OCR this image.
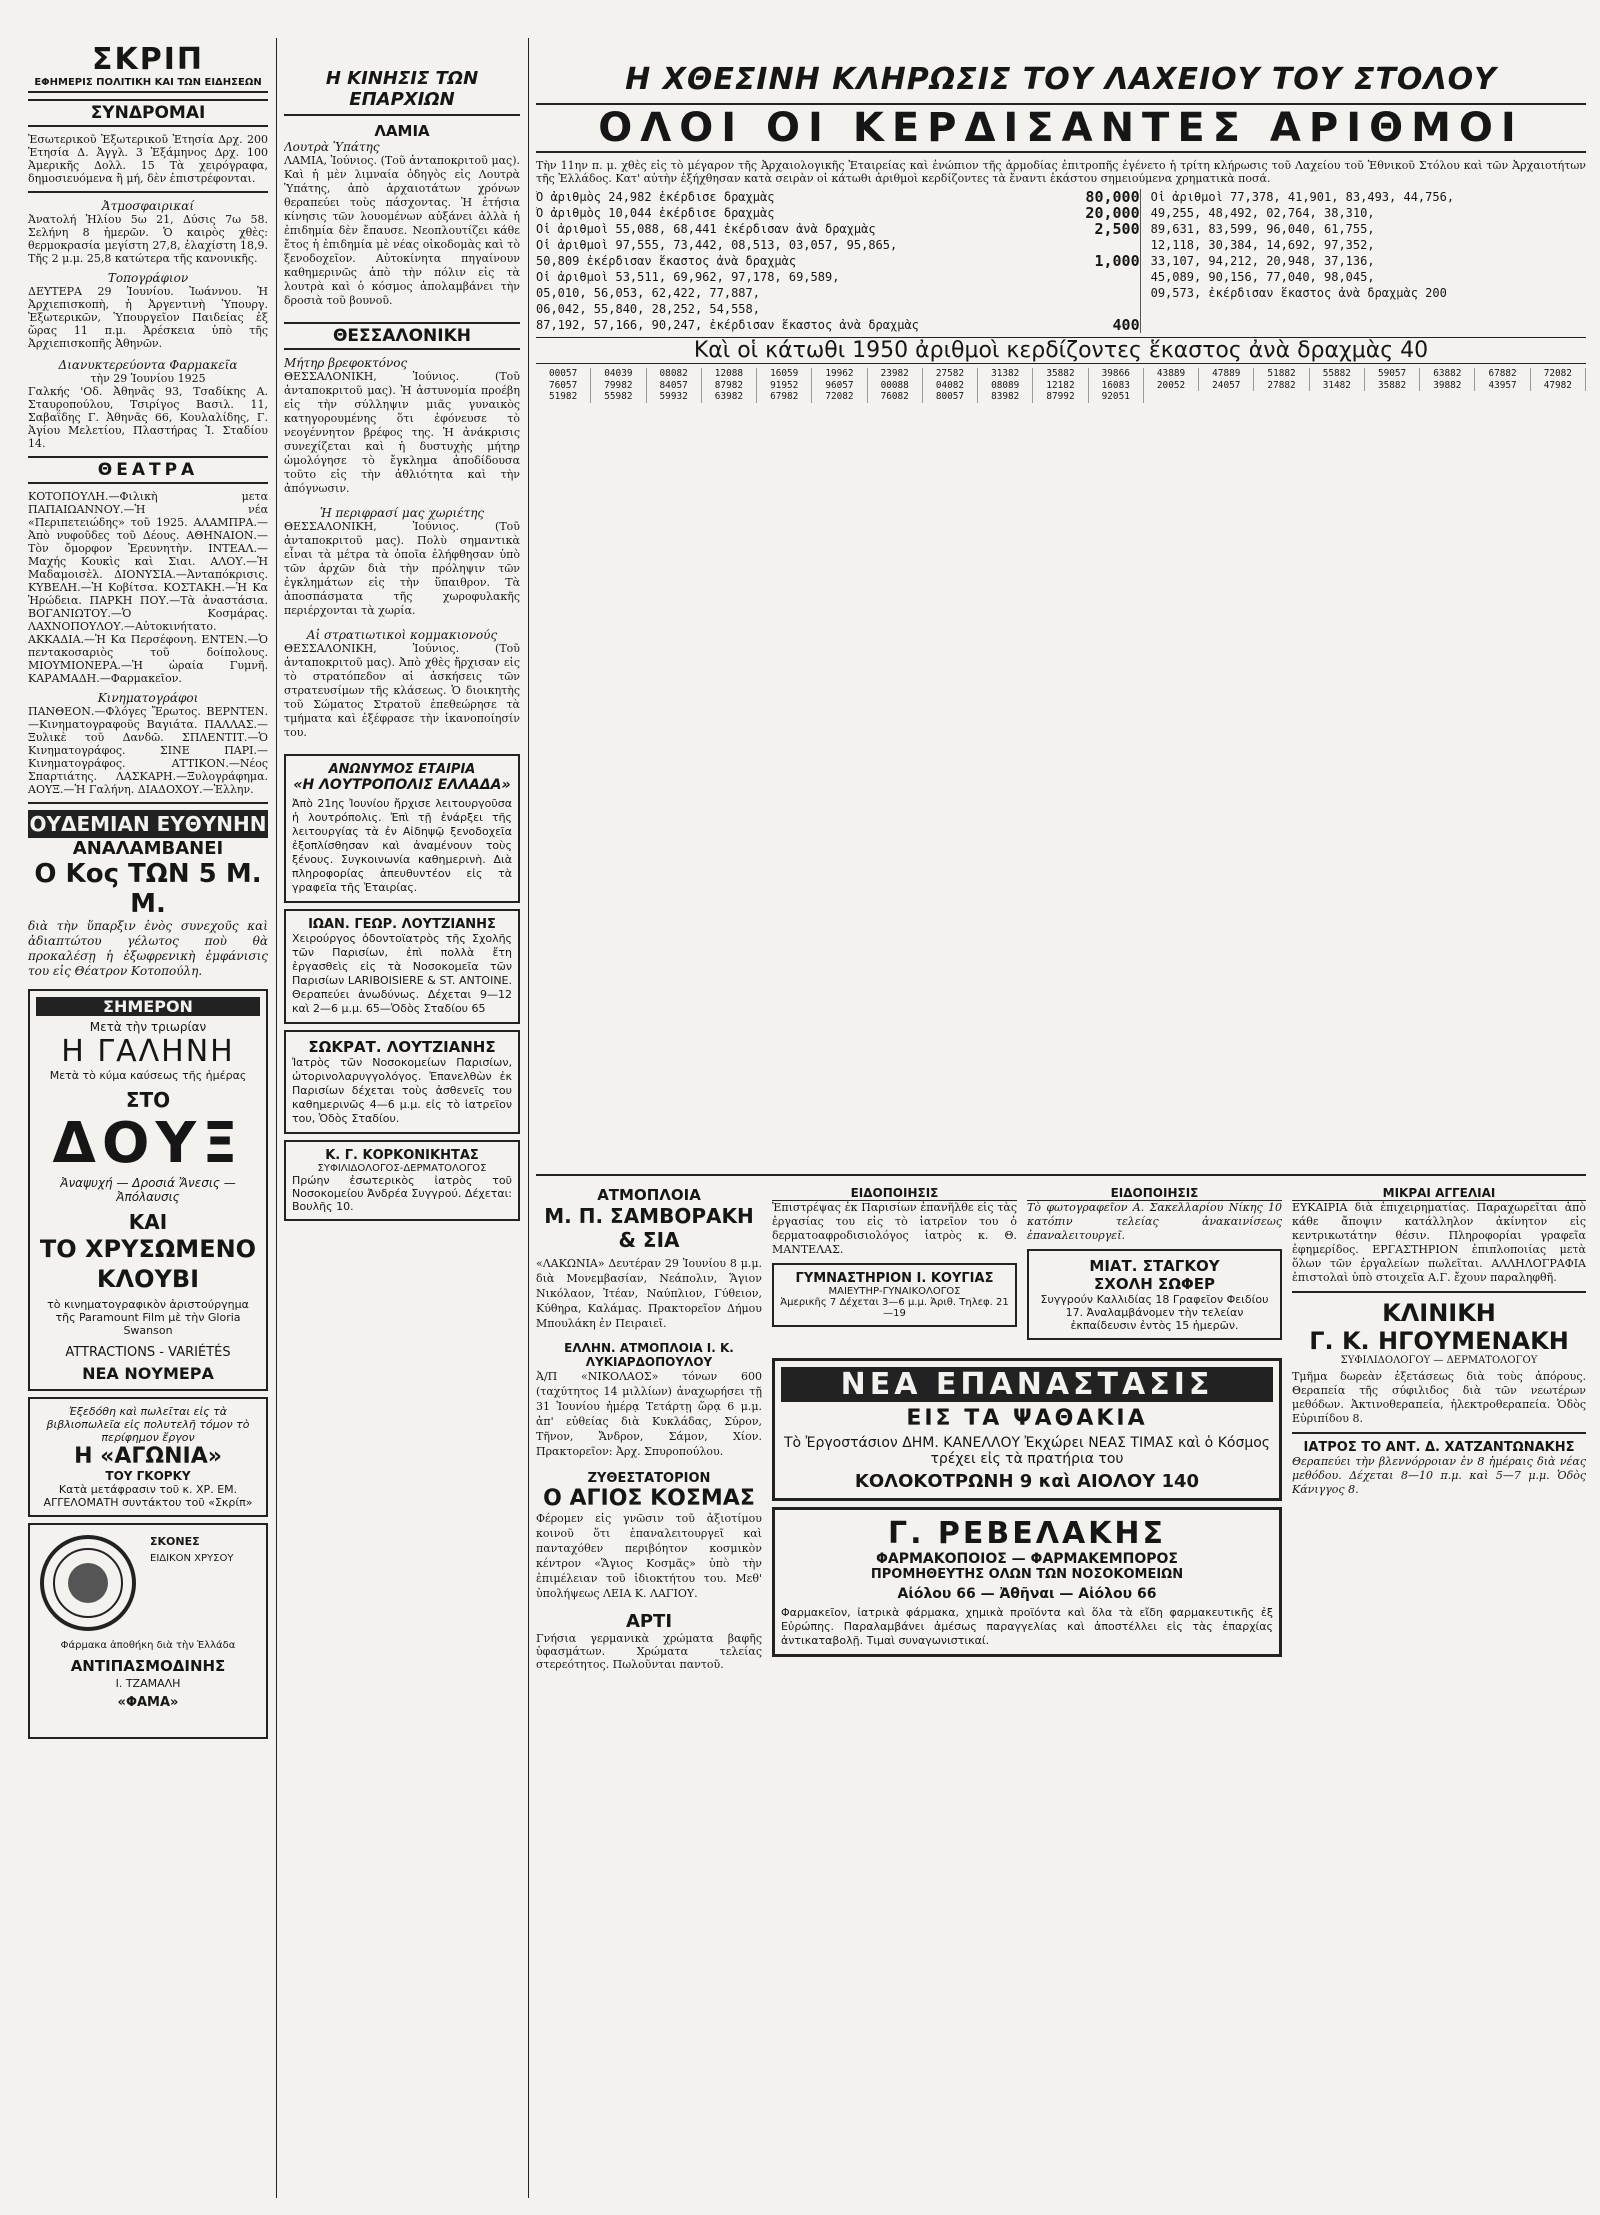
ΣΚΡΙΠ
ΕΦΗΜΕΡΙΣ ΠΟΛΙΤΙΚΗ ΚΑΙ ΤΩΝ ΕΙΔΗΣΕΩΝ
ΣΥΝΔΡΟΜΑΙ
Ἐσωτερικοῦ Ἐξωτερικοῦ Ἐτησία Δρχ. 200 Ἐτησία Δ. Ἀγγλ. 3 Ἑξάμηνος Δρχ. 100 Ἀμερικῆς Δολλ. 15 Τὰ χειρόγραφα, δημοσιευόμενα ἢ μή, δὲν ἐπιστρέφονται.
Ἀτμοσφαιρικαί
Ἀνατολή Ἡλίου 5ω 21, Δύσις 7ω 58. Σελήνη 8 ἡμερῶν. Ὁ καιρὸς χθὲς: θερμοκρασία μεγίστη 27,8, ἐλαχίστη 18,9. Τῆς 2 μ.μ. 25,8 κατώτερα τῆς κανονικῆς.
Τοπογράφιον
ΔΕΥΤΕΡΑ 29 Ἰουνίου. Ἰωάννου. Ἡ Ἀρχιεπισκοπὴ, ἡ Ἀργεντινὴ Ὑπουργ. Ἐξωτερικῶν, Ὑπουργεῖον Παιδείας ἐξ ὥρας 11 π.μ. Ἀρέσκεια ὑπὸ τῆς Ἀρχιεπισκοπῆς Ἀθηνῶν.
Διανυκτερεύοντα Φαρμακεῖα
τὴν 29 Ἰουνίου 1925
Γαλκής 'Οδ. Ἀθηνᾶς 93, Τσαδίκης Α. Σταυροπούλου, Τσιρίγος Βασιλ. 11, Σαβαΐδης Γ. Ἀθηνᾶς 66, Κουλαλίδης, Γ. Ἀγίου Μελετίου, Πλαστήρας Ἱ. Σταδίου 14.
ΘΕΑΤΡΑ
ΚΟΤΟΠΟΥΛΗ.—Φιλικὴ μετα ΠΑΠΑΙΩΑΝΝΟΥ.—Ἡ νέα «Περιπετειώδης» τοῦ 1925. ΑΛΑΜΠΡΑ.—Ἀπὸ νυφοῦδες τοῦ Δέους. ΑΘΗΝΑΙΟΝ.—Τὸν ὄμορφον Ἐρευνητὴν. ΙΝΤΕΑΛ.—Μαχής Κουκὶς καὶ Σιαι. ΑΛΟΥ.—Ἡ Μαδαμοισὲλ. ΔΙΟΝΥΣΙΑ.—Ἀνταπόκρισις. ΚΥΒΕΛΗ.—Ἡ Κοβίτσα. ΚΟΣΤΑΚΗ.—Ἡ Κα Ἡρώδεια. ΠΑΡΚΗ ΠΟΥ.—Τὰ ἀναστάσια. ΒΟΓΑΝΙΩΤΟΥ.—Ὁ Κοσμάρας. ΛΑΧΝΟΠΟΥΛΟΥ.—Αὐτοκινήτατο. ΑΚΚΑΔΙΑ.—Ἡ Κα Περσέφονη. ΕΝΤΕΝ.—Ὁ πεντακοσαριὸς τοῦ δοίπολους. ΜΙΟΥΜΙΟΝΕΡΑ.—Ἡ ὡραία Γυμνῆ. ΚΑΡΑΜΑΔΗ.—Φαρμακεῖον.
Κινηματογράφοι
ΠΑΝΘΕΟΝ.—Φλόγες Ἔρωτος. ΒΕΡΝΤΕΝ.—Κινηματογραφοῦς Βαγιάτα. ΠΑΛΛΑΣ.—Ξυλικὲ τοῦ Δανδῶ. ΣΠΛΕΝΤΙΤ.—Ὁ Κινηματογράφος. ΣΙΝΕ ΠΑΡΙ.—Κινηματογράφος. ΑΤΤΙΚΟΝ.—Νέος Σπαρτιάτης. ΛΑΣΚΑΡΗ.—Ξυλογράφημα. ΑΟΥΞ.—Ἡ Γαλήνη. ΔΙΑΔΟΧΟΥ.—Ἐλλην.
ΟΥΔΕΜΙΑΝ ΕΥΘΥΝΗΝ
ΑΝΑΛΑΜΒΑΝΕΙ
Ο Κος ΤΩΝ 5 Μ. Μ.
διὰ τὴν ὕπαρξιν ἑνὸς συνεχοῦς καὶ ἀδιαπτώτου γέλωτος ποὺ θὰ προκαλέσῃ ἡ ἐξωφρενικὴ ἐμφάνισις του εἰς Θέατρον Κοτοπούλη.
ΣΗΜΕΡΟΝ
Μετὰ τὴν τριωρίαν
Η ΓΑΛΗΝΗ
Μετὰ τὸ κύμα καύσεως τῆς ἡμέρας
ΣΤΟ
ΔΟΥΞ
Ἀναψυχή — Δροσιά Ἄνεσις — Ἀπόλαυσις
ΚΑΙ
ΤΟ ΧΡΥΣΩΜΕΝΟ ΚΛΟΥΒΙ
τὸ κινηματογραφικὸν ἀριστούργημα τῆς Paramount Film μὲ τὴν Gloria Swanson
ATTRACTIONS - VARIÉTÉS
ΝΕΑ ΝΟΥΜΕΡΑ
Ἐξεδόθη καὶ πωλεῖται εἰς τὰ βιβλιοπωλεῖα εἰς πολυτελῆ τόμον τὸ περίφημον ἔργον
Η «ΑΓΩΝΙΑ»
ΤΟΥ ΓΚΟΡΚΥ
Κατὰ μετάφρασιν τοῦ κ. ΧΡ. ΕΜ. ΑΓΓΕΛΟΜΑΤΗ συντάκτου τοῦ «Σκρίπ»
ΣΚΟΝΕΣ
ΕΙΔΙΚΟΝ ΧΡΥΣΟΥ
Φάρμακα ἀποθήκη διὰ τὴν Ἑλλάδα
ΑΝΤΙΠΑΣΜΟΔΙΝΗΣ
Ι. ΤΖΑΜΑΛΗ
«ΦΑΜΑ»
Η ΚΙΝΗΣΙΣ ΤΩΝ ΕΠΑΡΧΙΩΝ
ΛΑΜΙΑ
Λουτρὰ Ὑπάτης
ΛΑΜΙΑ, Ἰούνιος. (Τοῦ ἀνταποκριτοῦ μας). Καὶ ἡ μὲν λιμναία ὁδηγὸς εἰς Λουτρὰ Ὑπάτης, ἀπὸ ἀρχαιοτάτων χρόνων θεραπεύει τοὺς πάσχοντας. Ἡ ἐτήσια κίνησις τῶν λουομένων αὐξάνει ἀλλὰ ἡ ἐπιδημία δὲν ἔπαυσε. Νεοπλουτίζει κάθε ἔτος ἡ ἐπιδημία μὲ νέας οἰκοδομὰς καὶ τὸ ξενοδοχεῖον. Αὐτοκίνητα πηγαίνουν καθημερινῶς ἀπὸ τὴν πόλιν εἰς τὰ λουτρὰ καὶ ὁ κόσμος ἀπολαμβάνει τὴν δροσιὰ τοῦ βουνοῦ.
ΘΕΣΣΑΛΟΝΙΚΗ
Μήτηρ βρεφοκτόνος
ΘΕΣΣΑΛΟΝΙΚΗ, Ἰούνιος. (Τοῦ ἀνταποκριτοῦ μας). Ἡ ἀστυνομία προέβη εἰς τὴν σύλληψιν μιᾶς γυναικὸς κατηγορουμένης ὅτι ἐφόνευσε τὸ νεογέννητον βρέφος της. Ἡ ἀνάκρισις συνεχίζεται καὶ ἡ δυστυχὴς μήτηρ ὡμολόγησε τὸ ἔγκλημα ἀποδίδουσα τοῦτο εἰς τὴν ἀθλιότητα καὶ τὴν ἀπόγνωσιν.
Ἡ περιφρασί μας χωριέτης
ΘΕΣΣΑΛΟΝΙΚΗ, Ἰούνιος. (Τοῦ ἀνταποκριτοῦ μας). Πολὺ σημαντικὰ εἶναι τὰ μέτρα τὰ ὁποῖα ἐλήφθησαν ὑπὸ τῶν ἀρχῶν διὰ τὴν πρόληψιν τῶν ἐγκλημάτων εἰς τὴν ὕπαιθρον. Τὰ ἀποσπάσματα τῆς χωροφυλακῆς περιέρχονται τὰ χωρία.
Αἱ στρατιωτικοὶ κομμακιονούς
ΘΕΣΣΑΛΟΝΙΚΗ, Ἰούνιος. (Τοῦ ἀνταποκριτοῦ μας). Ἀπὸ χθὲς ἤρχισαν εἰς τὸ στρατόπεδον αἱ ἀσκήσεις τῶν στρατευσίμων τῆς κλάσεως. Ὁ διοικητὴς τοῦ Σώματος Στρατοῦ ἐπεθεώρησε τὰ τμήματα καὶ ἐξέφρασε τὴν ἱκανοποίησίν του.
ΑΝΩΝΥΜΟΣ ΕΤΑΙΡΙΑ
«Η ΛΟΥΤΡΟΠΟΛΙΣ ΕΛΛΑΔΑ»
Ἀπὸ 21ης Ἰουνίου ἤρχισε λειτουργοῦσα ἡ λουτρόπολις. Ἐπὶ τῇ ἐνάρξει τῆς λειτουργίας τὰ ἐν Αἰδηψῷ ξενοδοχεῖα ἐξοπλίσθησαν καὶ ἀναμένουν τοὺς ξένους. Συγκοινωνία καθημερινὴ. Διὰ πληροφορίας ἀπευθυντέον εἰς τὰ γραφεῖα τῆς Ἑταιρίας.
ΙΩΑΝ. ΓΕΩΡ. ΛΟΥΤΖΙΑΝΗΣ
Χειρούργος ὀδοντοϊατρὸς τῆς Σχολῆς τῶν Παρισίων, ἐπὶ πολλὰ ἔτη ἐργασθεὶς εἰς τὰ Νοσοκομεῖα τῶν Παρισίων LARIBOISIERE & ST. ANTOINE. Θεραπεύει ἀνωδύνως. Δέχεται 9—12 καὶ 2—6 μ.μ. 65—Ὁδὸς Σταδίου 65
ΣΩΚΡΑΤ. ΛΟΥΤΖΙΑΝΗΣ
Ἰατρὸς τῶν Νοσοκομείων Παρισίων, ὠτορινολαρυγγολόγος. Ἐπανελθὼν ἐκ Παρισίων δέχεται τοὺς ἀσθενεῖς του καθημερινῶς 4—6 μ.μ. εἰς τὸ ἰατρεῖον του, Ὁδὸς Σταδίου.
Κ. Γ. ΚΟΡΚΟΝΙΚΗΤΑΣ
ΣΥΦΙΛΙΔΟΛΟΓΟΣ-ΔΕΡΜΑΤΟΛΟΓΟΣ
Πρώην ἐσωτερικὸς ἰατρὸς τοῦ Νοσοκομείου Ἀνδρέα Συγγρού. Δέχεται: Βουλῆς 10.
Η ΧΘΕΣΙΝΗ ΚΛΗΡΩΣΙΣ ΤΟΥ ΛΑΧΕΙΟΥ ΤΟΥ ΣΤΟΛΟΥ
ΟΛΟΙ ΟΙ ΚΕΡΔΙΣΑΝΤΕΣ ΑΡΙΘΜΟΙ
Τὴν 11ην π. μ. χθὲς εἰς τὸ μέγαρον τῆς Ἀρχαιολογικῆς Ἑταιρείας καὶ ἐνώπιον τῆς ἁρμοδίας ἐπιτροπῆς ἐγένετο ἡ τρίτη κλήρωσις τοῦ Λαχείου τοῦ Ἐθνικοῦ Στόλου καὶ τῶν Ἀρχαιοτήτων τῆς Ἑλλάδος. Κατ' αὐτὴν ἐξήχθησαν κατὰ σειρὰν οἱ κάτωθι ἀριθμοὶ κερδίζοντες τὰ ἔναντι ἑκάστου σημειούμενα χρηματικὰ ποσά.
Ὁ ἀριθμὸς 24,982 ἐκέρδισε δραχμὰς	80,000
Ὁ ἀριθμὸς 10,044 ἐκέρδισε δραχμὰς	20,000
Οἱ ἀριθμοὶ 55,088, 68,441 ἐκέρδισαν ἀνὰ δραχμὰς	2,500
Οἱ ἀριθμοὶ 97,555, 73,442, 08,513, 03,057, 95,865,
50,809 ἐκέρδισαν ἕκαστος ἀνὰ δραχμὰς	1,000
Οἱ ἀριθμοὶ 53,511, 69,962, 97,178, 69,589,
05,010, 56,053, 62,422, 77,887,
06,042, 55,840, 28,252, 54,558,
87,192, 57,166, 90,247, ἐκέρδισαν ἕκαστος ἀνὰ δραχμὰς	400
Οἱ ἀριθμοὶ 77,378, 41,901, 83,493, 44,756,
49,255, 48,492, 02,764, 38,310,
89,631, 83,599, 96,040, 61,755,
12,118, 30,384, 14,692, 97,352,
33,107, 94,212, 20,948, 37,136,
45,089, 90,156, 77,040, 98,045,
09,573, ἐκέρδισαν ἕκαστος ἀνὰ δραχμὰς 200
Καὶ οἱ κάτωθι 1950 ἀριθμοὶ κερδίζοντες ἕκαστος ἀνὰ δραχμὰς 40
00057	04039	08082	12088	16059	19962	23982	27582	31382	35882	39866	43889	47889	51882	55882	59057	63882	67882	72082
76057	79982	84057	87982	91952	96057	00088	04082	08089	12182	16083	20052	24057	27882	31482	35882	39882	43957	47982
51982	55982	59932	63982	67982	72082	76082	80057	83982	87992	92051
ΑΤΜΟΠΛΟΙΑ
Μ. Π. ΣΑΜΒΟΡΑΚΗ & ΣΙΑ
«ΛΑΚΩΝΙΑ» Δευτέραν 29 Ἰουνίου 8 μ.μ. διὰ Μονεμβασίαν, Νεάπολιν, Ἅγιον Νικόλαον, Ἰτέαν, Ναύπλιον, Γύθειον, Κύθηρα, Καλάμας. Πρακτορεῖον Δήμου Μπουλάκη ἐν Πειραιεῖ.
ΕΛΛΗΝ. ΑΤΜΟΠΛΟΙΑ Ι. Κ. ΛΥΚΙΑΡΔΟΠΟΥΛΟΥ
Ἀ/Π «ΝΙΚΟΛΑΟΣ» τόνων 600 (ταχύτητος 14 μιλλίων) ἀναχωρήσει τῇ 31 Ἰουνίου ἡμέρᾳ Τετάρτῃ ὥρᾳ 6 μ.μ. ἀπ' εὐθείας διὰ Κυκλάδας, Σύρον, Τῆνον, Ἄνδρον, Σάμον, Χίον. Πρακτορεῖον: Ἀρχ. Σπυροπούλου.
ΖΥΘΕΣΤΑΤΟΡΙΟΝ
Ο ΑΓΙΟΣ ΚΟΣΜΑΣ
Φέρομεν εἰς γνῶσιν τοῦ ἀξιοτίμου κοινοῦ ὅτι ἐπαναλειτουργεῖ καὶ πανταχόθεν περιβόητον κοσμικὸν κέντρον «Ἅγιος Κοσμᾶς» ὑπὸ τὴν ἐπιμέλειαν τοῦ ἰδιοκτήτου του. Μεθ' ὑπολήψεως ΛΕΙΑ Κ. ΛΑΓΙΟΥ.
ΑΡΤΙ
Γνήσια γερμανικὰ χρώματα βαφῆς ὑφασμάτων. Χρώματα τελείας στερεότητος. Πωλοῦνται παντοῦ.
ΕΙΔΟΠΟΙΗΣΙΣ
Ἐπιστρέψας ἐκ Παρισίων ἐπανῆλθε εἰς τὰς ἐργασίας του εἰς τὸ ἰατρεῖον του ὁ δερματοαφροδισιολόγος ἰατρὸς κ. Θ. ΜΑΝΤΕΛΑΣ.
ΓΥΜΝΑΣΤΗΡΙΟΝ Ι. ΚΟΥΓΙΑΣ
ΜΑΙΕΥΤΗΡ-ΓΥΝΑΙΚΟΛΟΓΟΣ
Ἀμερικῆς 7 Δέχεται 3—6 μ.μ. Ἀριθ. Τηλεφ. 21—19
ΕΙΔΟΠΟΙΗΣΙΣ
Τὸ φωτογραφεῖον Α. Σακελλαρίου Νίκης 10 κατόπιν τελείας ἀνακαινίσεως ἐπαναλειτουργεῖ.
ΜΙΑΤ. ΣΤΑΓΚΟΥ
ΣΧΟΛΗ ΣΩΦΕΡ
Συγγρούν Καλλιδίας 18 Γραφεῖον Φειδίου 17. Ἀναλαμβάνομεν τὴν τελείαν ἐκπαίδευσιν ἐντὸς 15 ἡμερῶν.
ΝΕΑ ΕΠΑΝΑΣΤΑΣΙΣ
ΕΙΣ ΤΑ ΨΑΘΑΚΙΑ
Τὸ Ἐργοστάσιον ΔΗΜ. ΚΑΝΕΛΛΟΥ Ἐκχώρει ΝΕΑΣ ΤΙΜΑΣ καὶ ὁ Κόσμος τρέχει εἰς τὰ πρατήρια του
ΚΟΛΟΚΟΤΡΩΝΗ 9 καὶ ΑΙΟΛΟΥ 140
Γ. ΡΕΒΕΛΑΚΗΣ
ΦΑΡΜΑΚΟΠΟΙΟΣ — ΦΑΡΜΑΚΕΜΠΟΡΟΣ
ΠΡΟΜΗΘΕΥΤΗΣ ΟΛΩΝ ΤΩΝ ΝΟΣΟΚΟΜΕΙΩΝ
Αἰόλου 66 — Ἀθῆναι — Αἰόλου 66
Φαρμακεῖον, ἰατρικὰ φάρμακα, χημικὰ προϊόντα καὶ ὅλα τὰ εἴδη φαρμακευτικῆς ἐξ Εὐρώπης. Παραλαμβάνει ἀμέσως παραγγελίας καὶ ἀποστέλλει εἰς τὰς ἐπαρχίας ἀντικαταβολῇ. Τιμαὶ συναγωνιστικαί.
ΜΙΚΡΑΙ ΑΓΓΕΛΙΑΙ
ΕΥΚΑΙΡΙΑ διὰ ἐπιχειρηματίας. Παραχωρεῖται ἀπὸ κάθε ἄποψιν κατάλληλον ἀκίνητον εἰς κεντρικωτάτην θέσιν. Πληροφορίαι γραφεῖα ἐφημερίδος. ΕΡΓΑΣΤΗΡΙΟΝ ἐπιπλοποιίας μετὰ ὅλων τῶν ἐργαλείων πωλεῖται. ΑΛΛΗΛΟΓΡΑΦΙΑ ἐπιστολαὶ ὑπὸ στοιχεῖα Α.Γ. ἔχουν παραληφθῆ.
ΚΛΙΝΙΚΗ
Γ. Κ. ΗΓΟΥΜΕΝΑΚΗ
ΣΥΦΙΛΙΔΟΛΟΓΟΥ — ΔΕΡΜΑΤΟΛΟΓΟΥ
Τμῆμα δωρεὰν ἐξετάσεως διὰ τοὺς ἀπόρους. Θεραπεία τῆς σύφιλιδος διὰ τῶν νεωτέρων μεθόδων. Ἀκτινοθεραπεία, ἠλεκτροθεραπεία. Ὁδὸς Εὐριπίδου 8.
ΙΑΤΡΟΣ ΤΟ ΑΝΤ. Δ. ΧΑΤΖΑΝΤΩΝΑΚΗΣ
Θεραπεύει τὴν βλεννόρροιαν ἐν 8 ἡμέραις διὰ νέας μεθόδου. Δέχεται 8—10 π.μ. καὶ 5—7 μ.μ. Ὁδὸς Κάνιγγος 8.
